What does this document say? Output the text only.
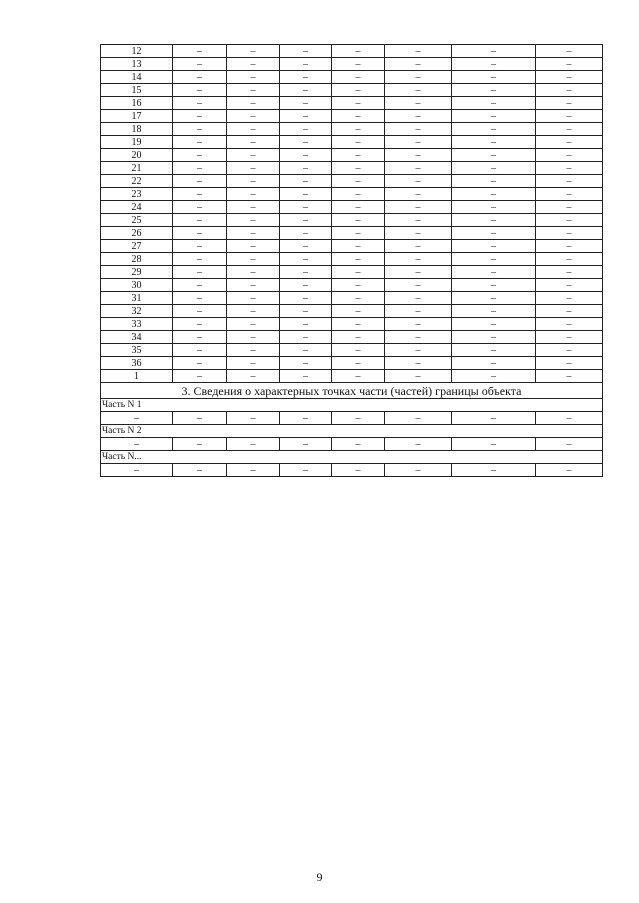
12	–	–	–	–	–	–	–
13	–	–	–	–	–	–	–
14	–	–	–	–	–	–	–
15	–	–	–	–	–	–	–
16	–	–	–	–	–	–	–
17	–	–	–	–	–	–	–
18	–	–	–	–	–	–	–
19	–	–	–	–	–	–	–
20	–	–	–	–	–	–	–
21	–	–	–	–	–	–	–
22	–	–	–	–	–	–	–
23	–	–	–	–	–	–	–
24	–	–	–	–	–	–	–
25	–	–	–	–	–	–	–
26	–	–	–	–	–	–	–
27	–	–	–	–	–	–	–
28	–	–	–	–	–	–	–
29	–	–	–	–	–	–	–
30	–	–	–	–	–	–	–
31	–	–	–	–	–	–	–
32	–	–	–	–	–	–	–
33	–	–	–	–	–	–	–
34	–	–	–	–	–	–	–
35	–	–	–	–	–	–	–
36	–	–	–	–	–	–	–
1	–	–	–	–	–	–	–
3. Сведения о характерных точках части (частей) границы объекта							
Часть N 1							
–	–	–	–	–	–	–	–
Часть N 2							
–	–	–	–	–	–	–	–
Часть N...							
–	–	–	–	–	–	–	–
9
